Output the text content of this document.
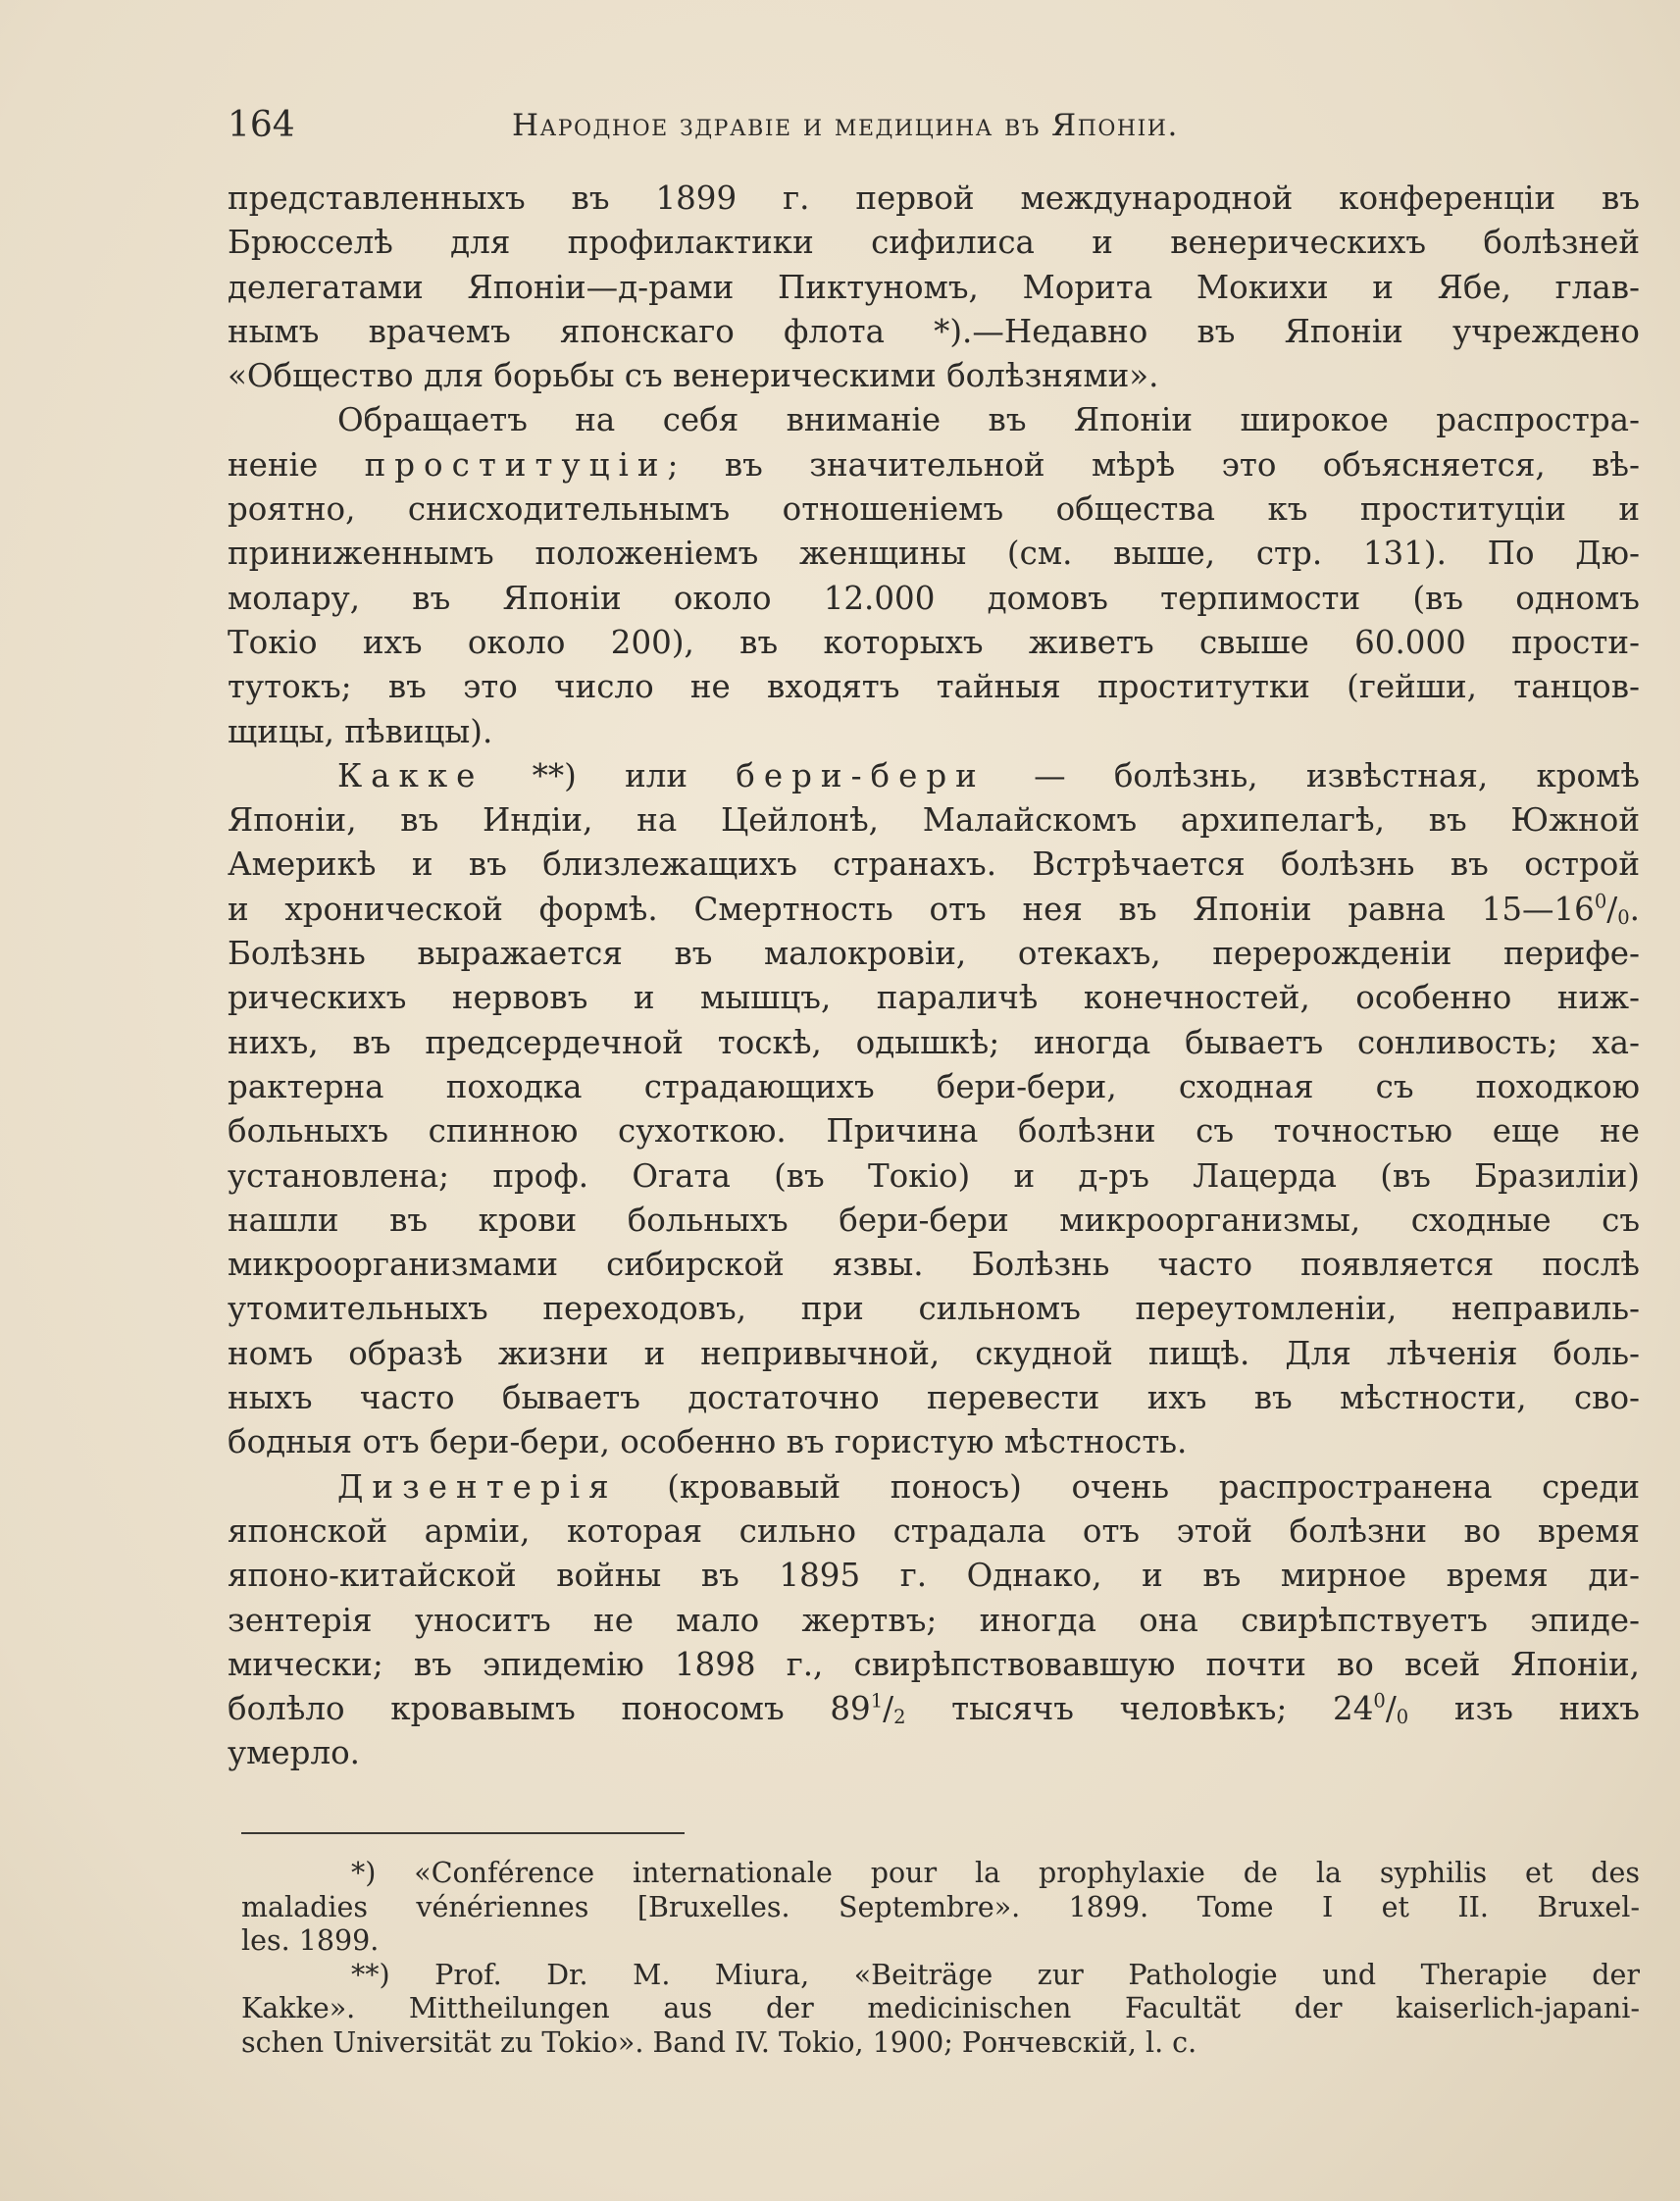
164	Народное здравіе и медицина въ Японіи.
представленныхъ въ 1899 г. первой международной конференціи въ
Брюсселѣ для профилактики сифилиса и венерическихъ болѣзней
делегатами Японіи—д-рами Пиктуномъ, Морита Мокихи и Ябе, глав-
нымъ врачемъ японскаго флота *).—Недавно въ Японіи учреждено
«Общество для борьбы съ венерическими болѣзнями».
Обращаетъ на себя вниманіе въ Японіи широкое распростра-
неніе проституціи; въ значительной мѣрѣ это объясняется, вѣ-
роятно, снисходительнымъ отношеніемъ общества къ проституціи и
приниженнымъ положеніемъ женщины (см. выше, стр. 131). По Дю-
молару, въ Японіи около 12.000 домовъ терпимости (въ одномъ
Токіо ихъ около 200), въ которыхъ живетъ свыше 60.000 прости-
тутокъ; въ это число не входятъ тайныя проститутки (гейши, танцов-
щицы, пѣвицы).
Какке **) или бери-бери — болѣзнь, извѣстная, кромѣ
Японіи, въ Индіи, на Цейлонѣ, Малайскомъ архипелагѣ, въ Южной
Америкѣ и въ близлежащихъ странахъ. Встрѣчается болѣзнь въ острой
и хронической формѣ. Смертность отъ нея въ Японіи равна $15—16^0/_0$.
Болѣзнь выражается въ малокровіи, отекахъ, перерожденіи перифе-
рическихъ нервовъ и мышцъ, параличѣ конечностей, особенно ниж-
нихъ, въ предсердечной тоскѣ, одышкѣ; иногда бываетъ сонливость; ха-
рактерна походка страдающихъ бери-бери, сходная съ походкою
больныхъ спинною сухоткою. Причина болѣзни съ точностью еще не
установлена; проф. Огата (въ Токіо) и д-ръ Лацерда (въ Бразиліи)
нашли въ крови больныхъ бери-бери микроорганизмы, сходные съ
микроорганизмами сибирской язвы. Болѣзнь часто появляется послѣ
утомительныхъ переходовъ, при сильномъ переутомленіи, неправиль-
номъ образѣ жизни и непривычной, скудной пищѣ. Для лѣченія боль-
ныхъ часто бываетъ достаточно перевести ихъ въ мѣстности, сво-
бодныя отъ бери-бери, особенно въ гористую мѣстность.
Дизентерія (кровавый поносъ) очень распространена среди
японской арміи, которая сильно страдала отъ этой болѣзни во время
японо-китайской войны въ 1895 г. Однако, и въ мирное время ди-
зентерія уноситъ не мало жертвъ; иногда она свирѣпствуетъ эпиде-
мически; въ эпидемію 1898 г., свирѣпствовавшую почти во всей Японіи,
болѣло кровавымъ поносомъ $89^1/_2$ тысячъ человѣкъ; $24^0/_0$ изъ нихъ
умерло.
*) «Conférence internationale pour la prophylaxie de la syphilis et des
maladies vénériennes [Bruxelles. Septembre». 1899. Tome I et II. Bruxel-
les. 1899.
**) Prof. Dr. M. Miura, «Beiträge zur Pathologie und Therapie der
Kakke». Mittheilungen aus der medicinischen Facultät der kaiserlich-japani-
schen Universität zu Tokio». Band IV. Tokio, 1900; Рончевскій, l. c.
